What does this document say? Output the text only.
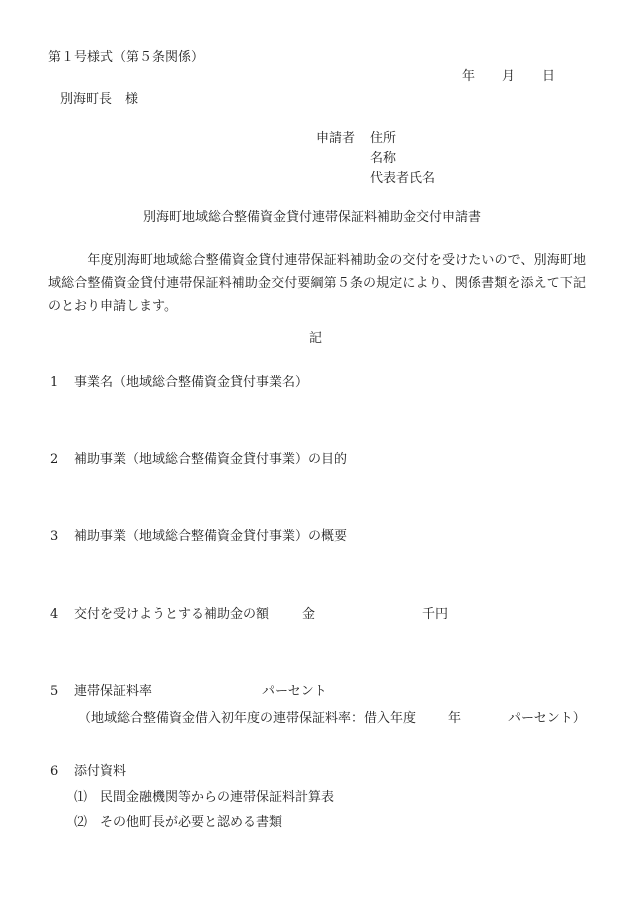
第１号様式（第５条関係）
年 月 日
別海町長　様
申請者 住所
名称
代表者氏名
別海町地域総合整備資金貸付連帯保証料補助金交付申請書
　　　年度別海町地域総合整備資金貸付連帯保証料補助金の交付を受けたいので、別海町地域総合整備資金貸付連帯保証料補助金交付要綱第５条の規定により、関係書類を添えて下記のとおり申請します。
記
1 事業名（地域総合整備資金貸付事業名）
2 補助事業（地域総合整備資金貸付事業）の目的
3 補助事業（地域総合整備資金貸付事業）の概要
4 交付を受けようとする補助金の額	金	千円
5 連帯保証料率	パーセント
（地域総合整備資金借入初年度の連帯保証料率：借入年度 年	パーセント）
6 添付資料
⑴ 民間金融機関等からの連帯保証料計算表
⑵ その他町長が必要と認める書類
